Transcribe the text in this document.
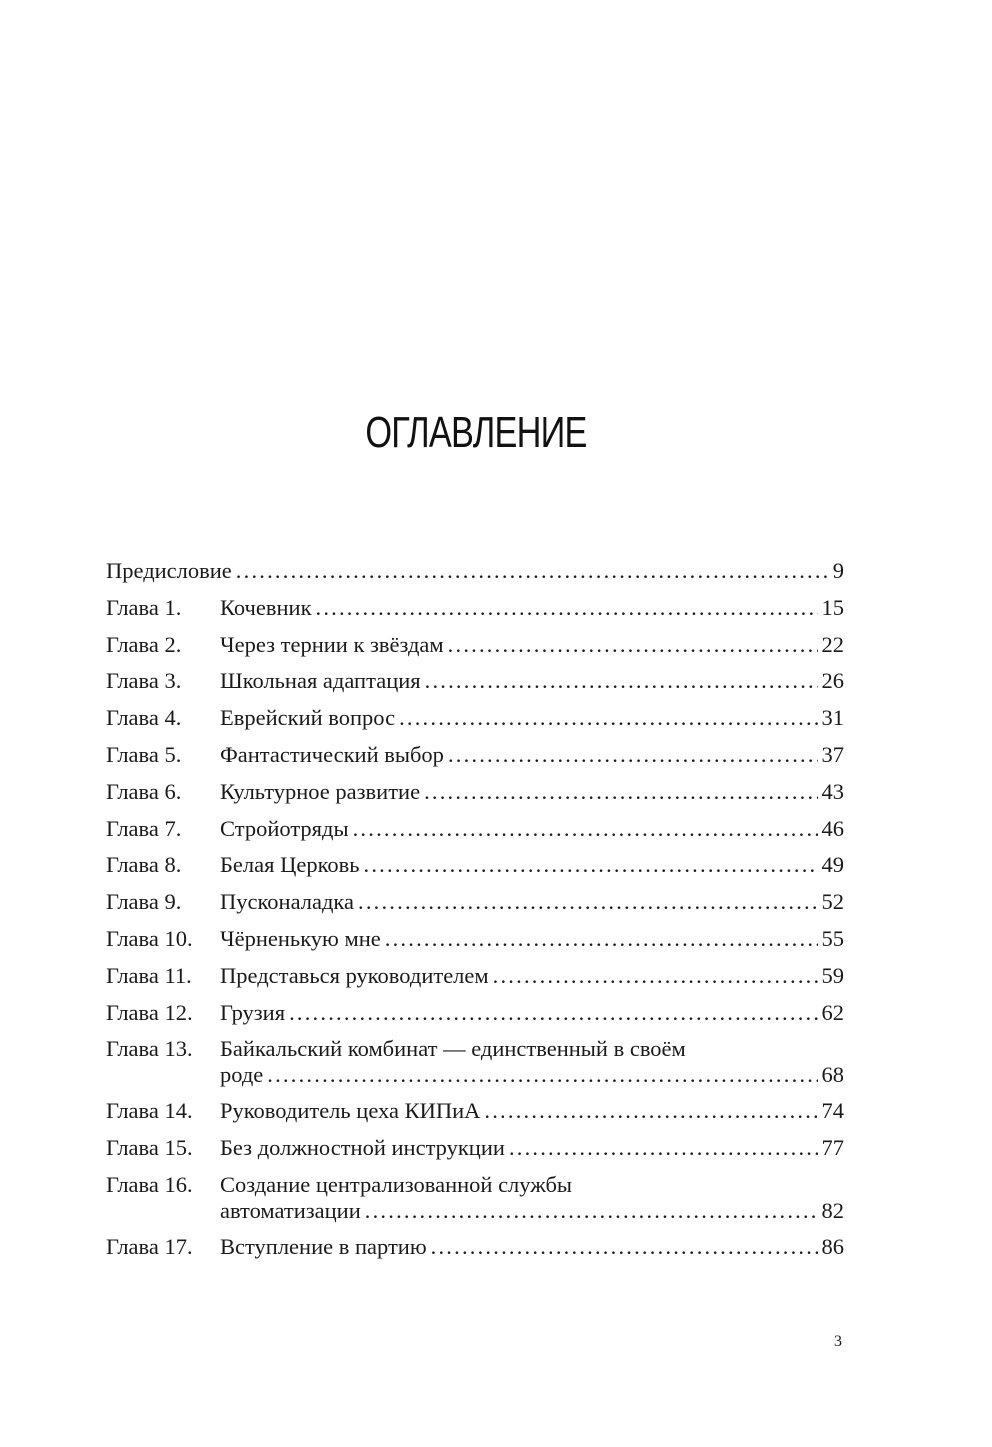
ОГЛАВЛЕНИЕ
Предисловие .....	9
Глава 1.	Кочевник .....	15
Глава 2.	Через тернии к звёздам .....	22
Глава 3.	Школьная адаптация .....	26
Глава 4.	Еврейский вопрос .....	31
Глава 5.	Фантастический выбор .....	37
Глава 6.	Культурное развитие .....	43
Глава 7.	Стройотряды .....	46
Глава 8.	Белая Церковь .....	49
Глава 9.	Пусконаладка .....	52
Глава 10.	Чёрненькую мне .....	55
Глава 11.	Представься руководителем .....	59
Глава 12.	Грузия .....	62
Глава 13.	Байкальский комбинат — единственный в своём
роде .....	68
Глава 14.	Руководитель цеха КИПиА .....	74
Глава 15.	Без должностной инструкции .....	77
Глава 16.	Создание централизованной службы
автоматизации .....	82
Глава 17.	Вступление в партию .....	86
3
